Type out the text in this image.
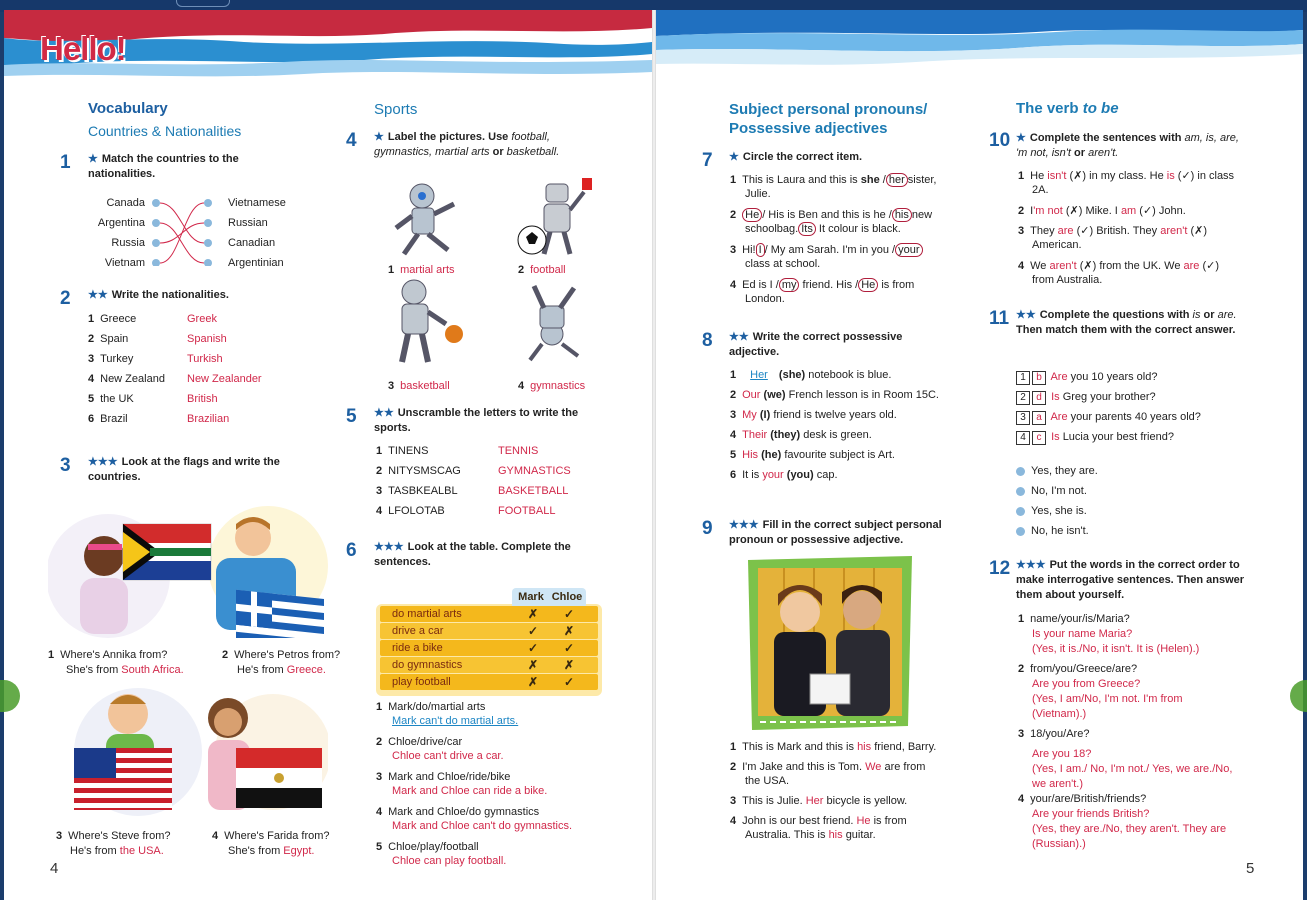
Hello!
Vocabulary
Countries & Nationalities
1 ★ Match the countries to the nationalities.
Canada
Argentina
Russia
Vietnam
Vietnamese
Russian
Canadian
Argentinian
2 ★★ Write the nationalities.
1 Greece	Greek
2 Spain	Spanish
3 Turkey	Turkish
4 New Zealand New Zealander
5 the UK	British
6 Brazil	Brazilian
3 ★★★ Look at the flags and write the countries.
1 Where's Annika from?
She's from South Africa.
2 Where's Petros from?
He's from Greece.
3 Where's Steve from?
He's from the USA.
4 Where's Farida from?
She's from Egypt.
4
Sports
4 ★ Label the pictures. Use football, gymnastics, martial arts or basketball.
1 martial arts	2 football
3 basketball	4 gymnastics
5 ★★ Unscramble the letters to write the sports.
1 TINENS	TENNIS
2 NITYSMSCAG	GYMNASTICS
3 TASBKEALBL	BASKETBALL
4 LFOLOTAB	FOOTBALL
6 ★★★ Look at the table. Complete the sentences.
Mark Chloe
do martial arts	✗	✓
drive a car	✓	✗
ride a bike	✓	✓
do gymnastics	✗	✗
play football	✗	✓
1 Mark/do/martial arts
Mark can't do martial arts.
2 Chloe/drive/car
Chloe can't drive a car.
3 Mark and Chloe/ride/bike
Mark and Chloe can ride a bike.
4 Mark and Chloe/do gymnastics
Mark and Chloe can't do gymnastics.
5 Chloe/play/football
Chloe can play football.
Subject personal pronouns/
Possessive adjectives
7 ★ Circle the correct item.
1 This is Laura and this is she / her sister,
Julie.
2 He / His is Ben and this is he / his new
schoolbag. Its It colour is black.
3 Hi! I / My am Sarah. I'm in you / your
class at school.
4 Ed is I / my friend. His / He is from
London.
8 ★★ Write the correct possessive adjective.
1 Her (she) notebook is blue.
2 Our (we) French lesson is in Room 15C.
3 My (I) friend is twelve years old.
4 Their (they) desk is green.
5 His (he) favourite subject is Art.
6 It is your (you) cap.
9 ★★★ Fill in the correct subject personal pronoun or possessive adjective.
1 This is Mark and this is his friend, Barry.
2 I'm Jake and this is Tom. We are from
the USA.
3 This is Julie. Her bicycle is yellow.
4 John is our best friend. He is from
Australia. This is his guitar.
The verb to be
10 ★ Complete the sentences with am, is, are, 'm not, isn't or aren't.
1 He isn't (✗) in my class. He is (✓) in class
2A.
2 I'm not (✗) Mike. I am (✓) John.
3 They are (✓) British. They aren't (✗)
American.
4 We aren't (✗) from the UK. We are (✓)
from Australia.
11 ★★ Complete the questions with is or are. Then match them with the correct answer.
1 b Are you 10 years old?
2 d Is Greg your brother?
3 a Are your parents 40 years old?
4 c Is Lucia your best friend?
Yes, they are.
No, I'm not.
Yes, she is.
No, he isn't.
12 ★★★ Put the words in the correct order to make interrogative sentences. Then answer them about yourself.
1 name/your/is/Maria?
Is your name Maria?
(Yes, it is./No, it isn't. It is (Helen).)
2 from/you/Greece/are?
Are you from Greece?
(Yes, I am/No, I'm not. I'm from
(Vietnam).)
3 18/you/Are?
Are you 18?
(Yes, I am./ No, I'm not./ Yes, we are./No,
we aren't.)
4 your/are/British/friends?
Are your friends British?
(Yes, they are./No, they aren't. They are
(Russian).)
5
